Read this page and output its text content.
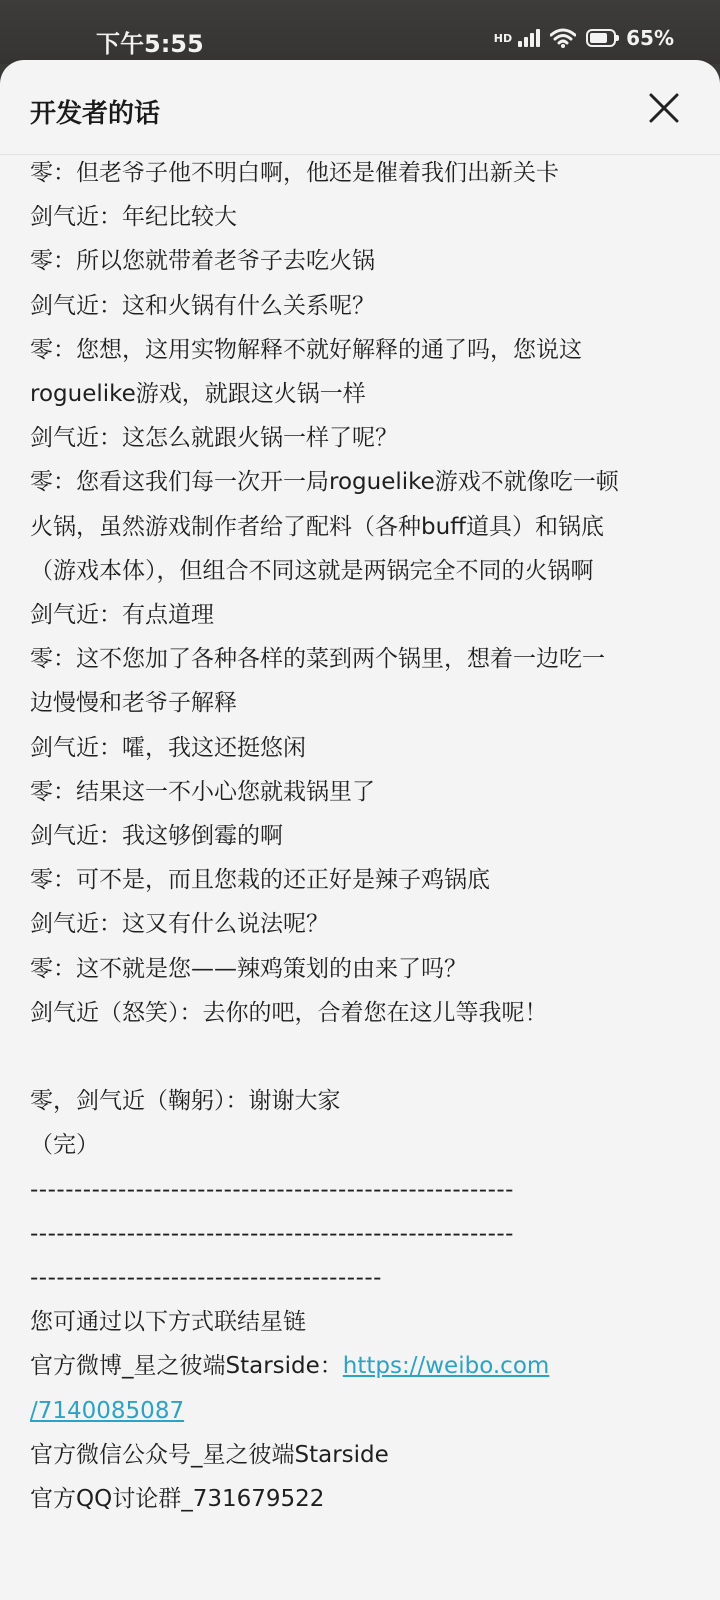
下午5:55	HD	65%
开发者的话
零：但老爷子他不明白啊，他还是催着我们出新关卡
剑气近：年纪比较大
零：所以您就带着老爷子去吃火锅
剑气近：这和火锅有什么关系呢？
零：您想，这用实物解释不就好解释的通了吗，您说这
roguelike游戏，就跟这火锅一样
剑气近：这怎么就跟火锅一样了呢？
零：您看这我们每一次开一局roguelike游戏不就像吃一顿
火锅，虽然游戏制作者给了配料（各种buff道具）和锅底
（游戏本体），但组合不同这就是两锅完全不同的火锅啊
剑气近：有点道理
零：这不您加了各种各样的菜到两个锅里，想着一边吃一
边慢慢和老爷子解释
剑气近：嚯，我这还挺悠闲
零：结果这一不小心您就栽锅里了
剑气近：我这够倒霉的啊
零：可不是，而且您栽的还正好是辣子鸡锅底
剑气近：这又有什么说法呢？
零：这不就是您——辣鸡策划的由来了吗？
剑气近（怒笑）：去你的吧，合着您在这儿等我呢！
零，剑气近（鞠躬）：谢谢大家
（完）
-------------------------------------------------------
-------------------------------------------------------
----------------------------------------
您可通过以下方式联结星链
官方微博_星之彼端Starside：https://weibo.com
/7140085087
官方微信公众号_星之彼端Starside
官方QQ讨论群_731679522
